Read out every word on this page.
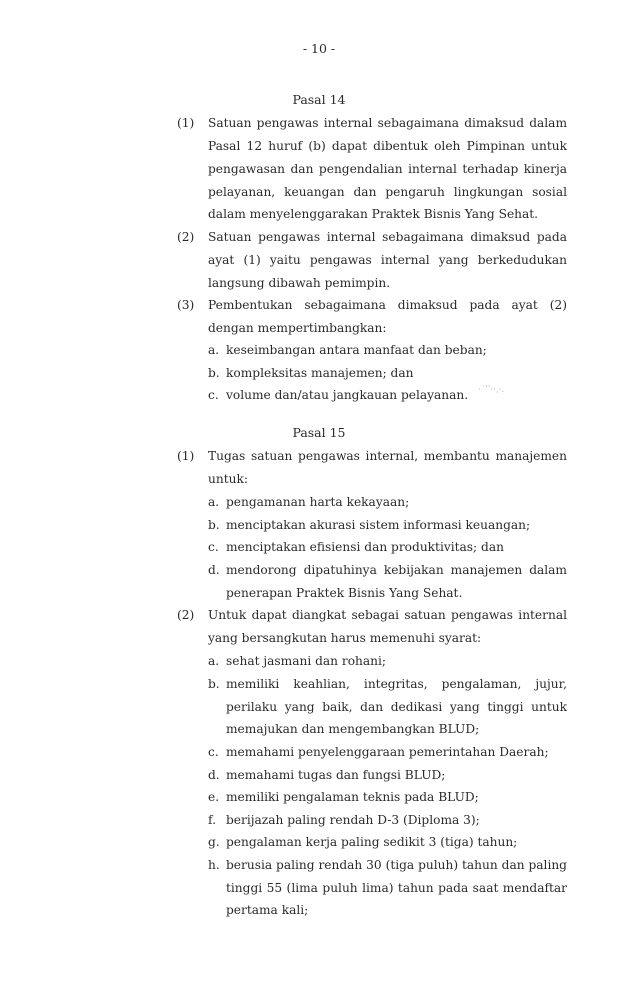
- 10 -
Pasal 14
(1) Satuan pengawas internal sebagaimana dimaksud dalam
Pasal 12 huruf (b) dapat dibentuk oleh Pimpinan untuk
pengawasan dan pengendalian internal terhadap kinerja
pelayanan, keuangan dan pengaruh lingkungan sosial
dalam menyelenggarakan Praktek Bisnis Yang Sehat.
(2) Satuan pengawas internal sebagaimana dimaksud pada
ayat (1) yaitu pengawas internal yang berkedudukan
langsung dibawah pemimpin.
(3) Pembentukan sebagaimana dimaksud pada ayat (2)
dengan mempertimbangkan:
a. keseimbangan antara manfaat dan beban;
b. kompleksitas manajemen; dan
c. volume dan/atau jangkauan pelayanan. ·˙'ˈ··ˌ·.
Pasal 15
(1) Tugas satuan pengawas internal, membantu manajemen
untuk:
a. pengamanan harta kekayaan;
b. menciptakan akurasi sistem informasi keuangan;
c. menciptakan efisiensi dan produktivitas; dan
d. mendorong dipatuhinya kebijakan manajemen dalam
penerapan Praktek Bisnis Yang Sehat.
(2) Untuk dapat diangkat sebagai satuan pengawas internal
yang bersangkutan harus memenuhi syarat:
a. sehat jasmani dan rohani;
b. memiliki keahlian, integritas, pengalaman, jujur,
perilaku yang baik, dan dedikasi yang tinggi untuk
memajukan dan mengembangkan BLUD;
c. memahami penyelenggaraan pemerintahan Daerah;
d. memahami tugas dan fungsi BLUD;
e. memiliki pengalaman teknis pada BLUD;
f. berijazah paling rendah D-3 (Diploma 3);
g. pengalaman kerja paling sedikit 3 (tiga) tahun;
h. berusia paling rendah 30 (tiga puluh) tahun dan paling
tinggi 55 (lima puluh lima) tahun pada saat mendaftar
pertama kali;
